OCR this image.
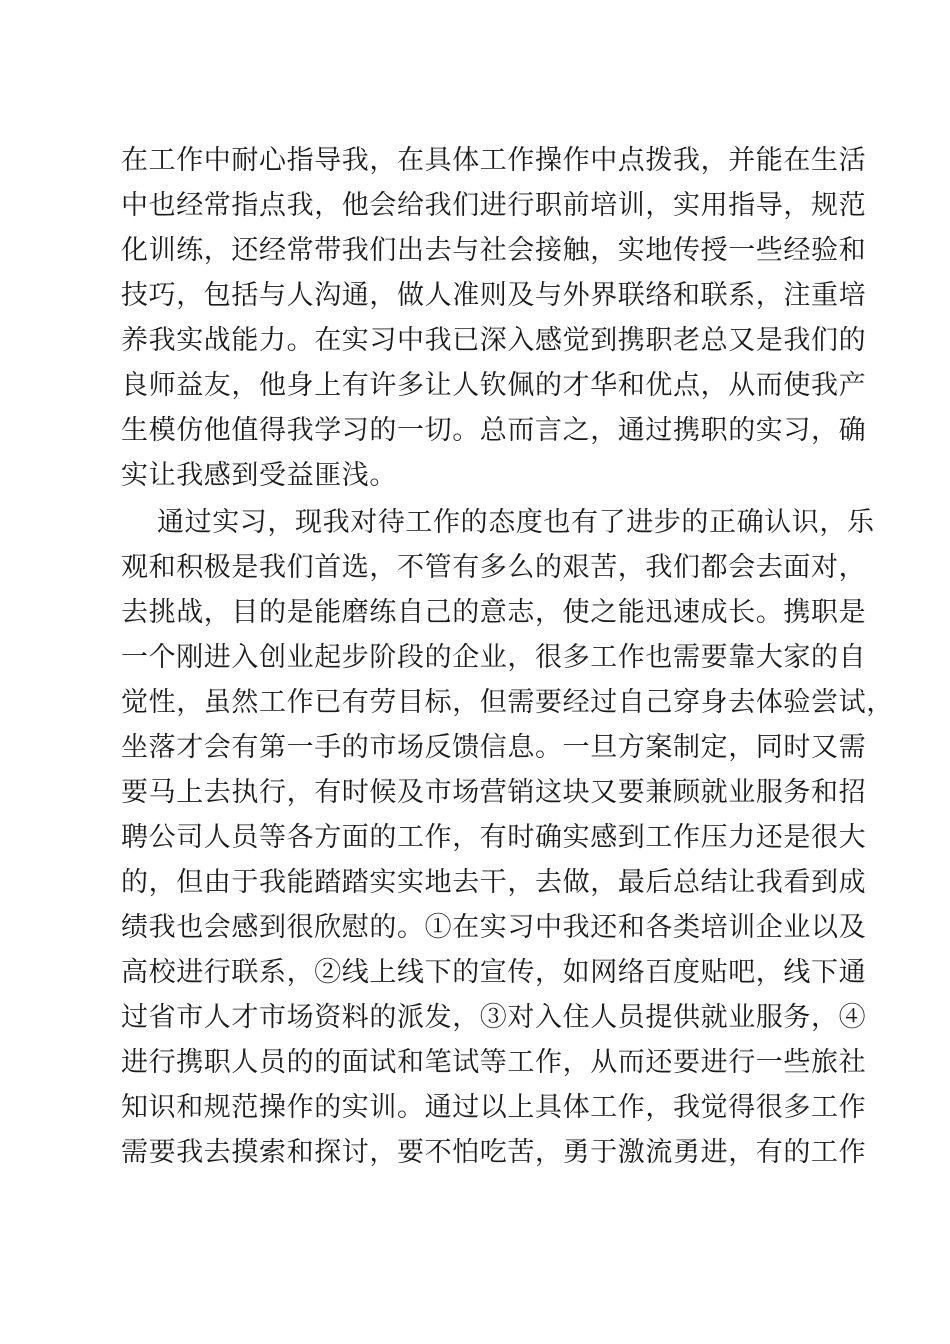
在工作中耐心指导我，在具体工作操作中点拨我，并能在生活
中也经常指点我，他会给我们进行职前培训，实用指导，规范
化训练，还经常带我们出去与社会接触，实地传授一些经验和
技巧，包括与人沟通，做人准则及与外界联络和联系，注重培
养我实战能力。在实习中我已深入感觉到携职老总又是我们的
良师益友，他身上有许多让人钦佩的才华和优点，从而使我产
生模仿他值得我学习的一切。总而言之，通过携职的实习，确
实让我感到受益匪浅。
通过实习，现我对待工作的态度也有了进步的正确认识，乐
观和积极是我们首选，不管有多么的艰苦，我们都会去面对，
去挑战，目的是能磨练自己的意志，使之能迅速成长。携职是
一个刚进入创业起步阶段的企业，很多工作也需要靠大家的自
觉性，虽然工作已有劳目标，但需要经过自己穿身去体验尝试，
坐落才会有第一手的市场反馈信息。一旦方案制定，同时又需
要马上去执行，有时候及市场营销这块又要兼顾就业服务和招
聘公司人员等各方面的工作，有时确实感到工作压力还是很大
的，但由于我能踏踏实实地去干，去做，最后总结让我看到成
绩我也会感到很欣慰的。①在实习中我还和各类培训企业以及
高校进行联系，②线上线下的宣传，如网络百度贴吧，线下通
过省市人才市场资料的派发，③对入住人员提供就业服务，④
进行携职人员的的面试和笔试等工作，从而还要进行一些旅社
知识和规范操作的实训。通过以上具体工作，我觉得很多工作
需要我去摸索和探讨，要不怕吃苦，勇于激流勇进，有的工作
